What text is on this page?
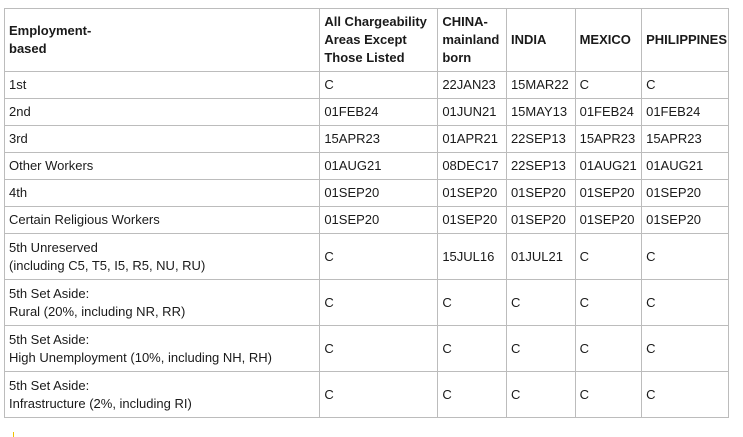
Employment-
based	All Chargeability
Areas Except
Those Listed	CHINA-
mainland
born	INDIA	MEXICO	PHILIPPINES
1st	C	22JAN23	15MAR22	C	C
2nd	01FEB24	01JUN21	15MAY13	01FEB24	01FEB24
3rd	15APR23	01APR21	22SEP13	15APR23	15APR23
Other Workers	01AUG21	08DEC17	22SEP13	01AUG21	01AUG21
4th	01SEP20	01SEP20	01SEP20	01SEP20	01SEP20
Certain Religious Workers	01SEP20	01SEP20	01SEP20	01SEP20	01SEP20

5th Unreserved
(including C5, T5, I5, R5, NU, RU)	C	15JUL16	01JUL21	C	C

5th Set Aside:
Rural (20%, including NR, RR)	C	C	C	C	C

5th Set Aside:
High Unemployment (10%, including NH, RH)	C	C	C	C	C

5th Set Aside:
Infrastructure (2%, including RI)	C	C	C	C	C
